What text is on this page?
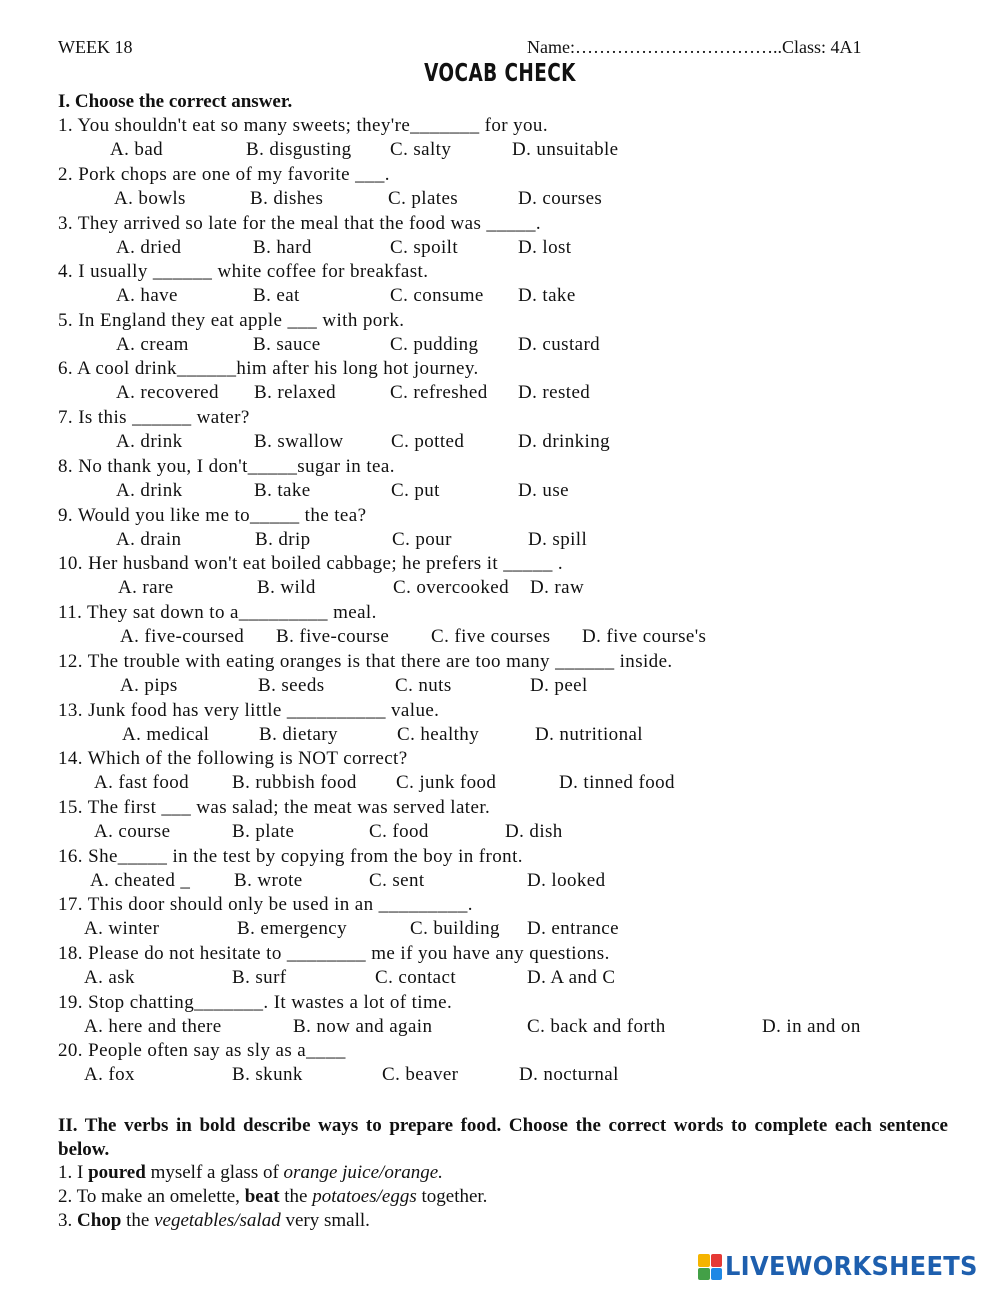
WEEK 18	Name:……………………………..Class: 4A1
VOCAB CHECK
I. Choose the correct answer.
1. You shouldn't eat so many sweets; they're_______ for you.
A. bad	B. disgusting C. salty	D. unsuitable
2. Pork chops are one of my favorite ___.
A. bowls	B. dishes	C. plates	D. courses
3. They arrived so late for the meal that the food was _____.
A. dried	B. hard	C. spoilt	D. lost
4. I usually ______ white coffee for breakfast.
A. have	B. eat	C. consume D. take
5. In England they eat apple ___ with pork.
A. cream	B. sauce	C. pudding D. custard
6. A cool drink______him after his long hot journey.
A. recovered B. relaxed	C. refreshed D. rested
7. Is this ______ water?
A. drink	B. swallow	C. potted	D. drinking
8. No thank you, I don't_____sugar in tea.
A. drink	B. take	C. put	D. use
9. Would you like me to_____ the tea?
A. drain	B. drip	C. pour	D. spill
10. Her husband won't eat boiled cabbage; he prefers it _____ .
A. rare	B. wild	C. overcooked D. raw
11. They sat down to a_________ meal.
A. five-coursed B. five-course C. five courses D. five course's
12. The trouble with eating oranges is that there are too many ______ inside.
A. pips	B. seeds	C. nuts	D. peel
13. Junk food has very little __________ value.
A. medical	B. dietary	C. healthy	D. nutritional
14. Which of the following is NOT correct?
A. fast food B. rubbish food C. junk food	D. tinned food
15. The first ___ was salad; the meat was served later.
A. course	B. plate	C. food	D. dish
16. She_____ in the test by copying from the boy in front.
A. cheated _ B. wrote	C. sent	D. looked
17. This door should only be used in an _________.
A. winter	B. emergency	C. building D. entrance
18. Please do not hesitate to ________ me if you have any questions.
A. ask	B. surf	C. contact	D. A and C
19. Stop chatting_______. It wastes a lot of time.
A. here and there	B. now and again	C. back and forth	D. in and on
20. People often say as sly as a____
A. fox	B. skunk	C. beaver	D. nocturnal
II. The verbs in bold describe ways to prepare food. Choose the correct words to complete each sentence below.
1. I poured myself a glass of orange juice/orange.
2. To make an omelette, beat the potatoes/eggs together.
3. Chop the vegetables/salad very small.
LIVEWORKSHEETS
